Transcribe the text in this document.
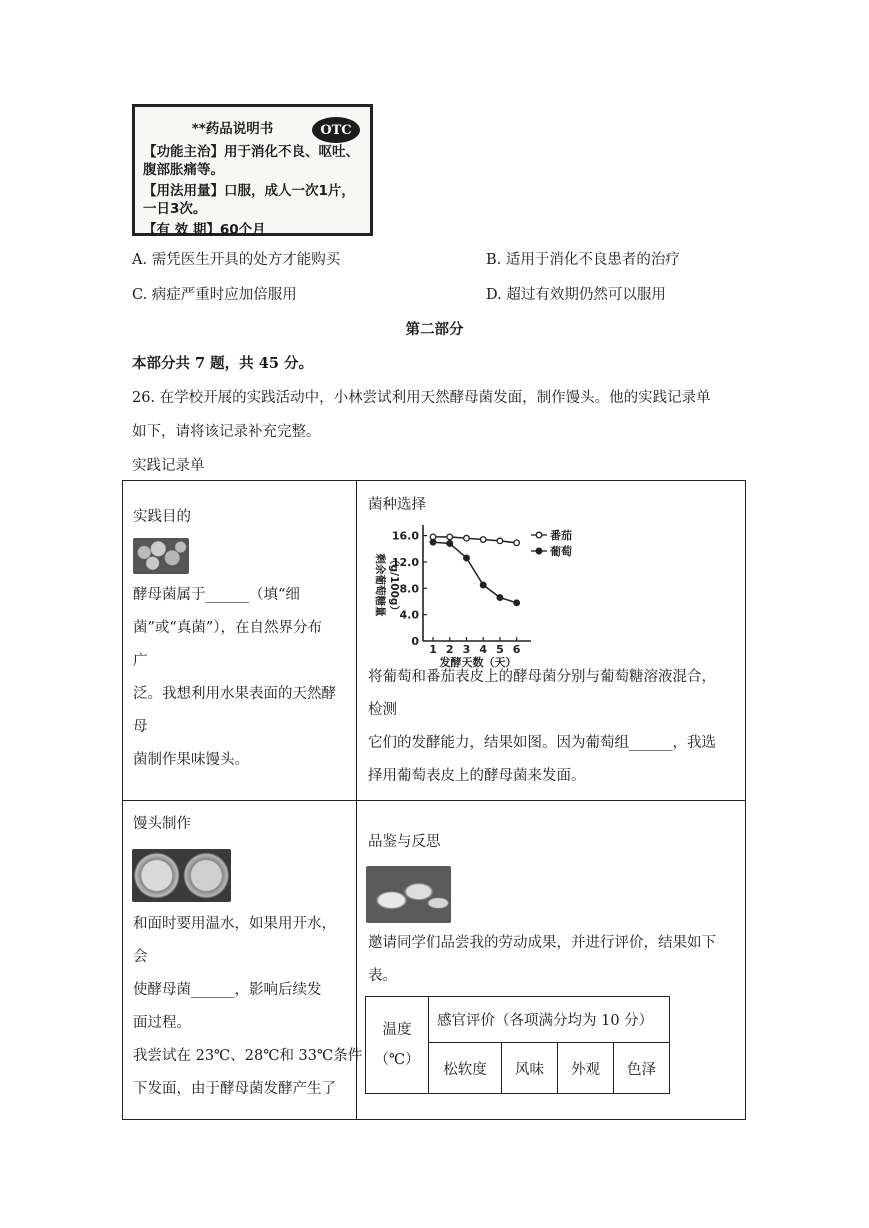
**药品说明书	OTC
【功能主治】用于消化不良、呕吐、
腹部胀痛等。
【用法用量】口服，成人一次1片，
一日3次。
【有 效 期】60个月
A. 需凭医生开具的处方才能购买	B. 适用于消化不良患者的治疗
C. 病症严重时应加倍服用	D. 超过有效期仍然可以服用
第二部分
本部分共 7 题，共 45 分。
26. 在学校开展的实践活动中，小林尝试利用天然酵母菌发面，制作馒头。他的实践记录单
如下，请将该记录补充完整。
实践记录单
实践目的
酵母菌属于______（填“细
菌”或“真菌”），在自然界分布
广
泛。我想利用水果表面的天然酵
母
菌制作果味馒头。
菌种选择
16.0
12.0
8.0
4.0
0
1 2 3 4 5 6
发酵天数（天）
剩余葡萄糖量 （g/100g）
番茄
葡萄
将葡萄和番茄表皮上的酵母菌分别与葡萄糖溶液混合，
检测
它们的发酵能力，结果如图。因为葡萄组______，我选
择用葡萄表皮上的酵母菌来发面。
馒头制作
和面时要用温水，如果用开水，
会
使酵母菌______，影响后续发
面过程。
我尝试在 23℃、28℃和 33℃条件
下发面，由于酵母菌发酵产生了
品鉴与反思
邀请同学们品尝我的劳动成果，并进行评价，结果如下
表。
温度
（℃）	感官评价（各项满分均为 10 分）			
	松软度	风味	外观	色泽
